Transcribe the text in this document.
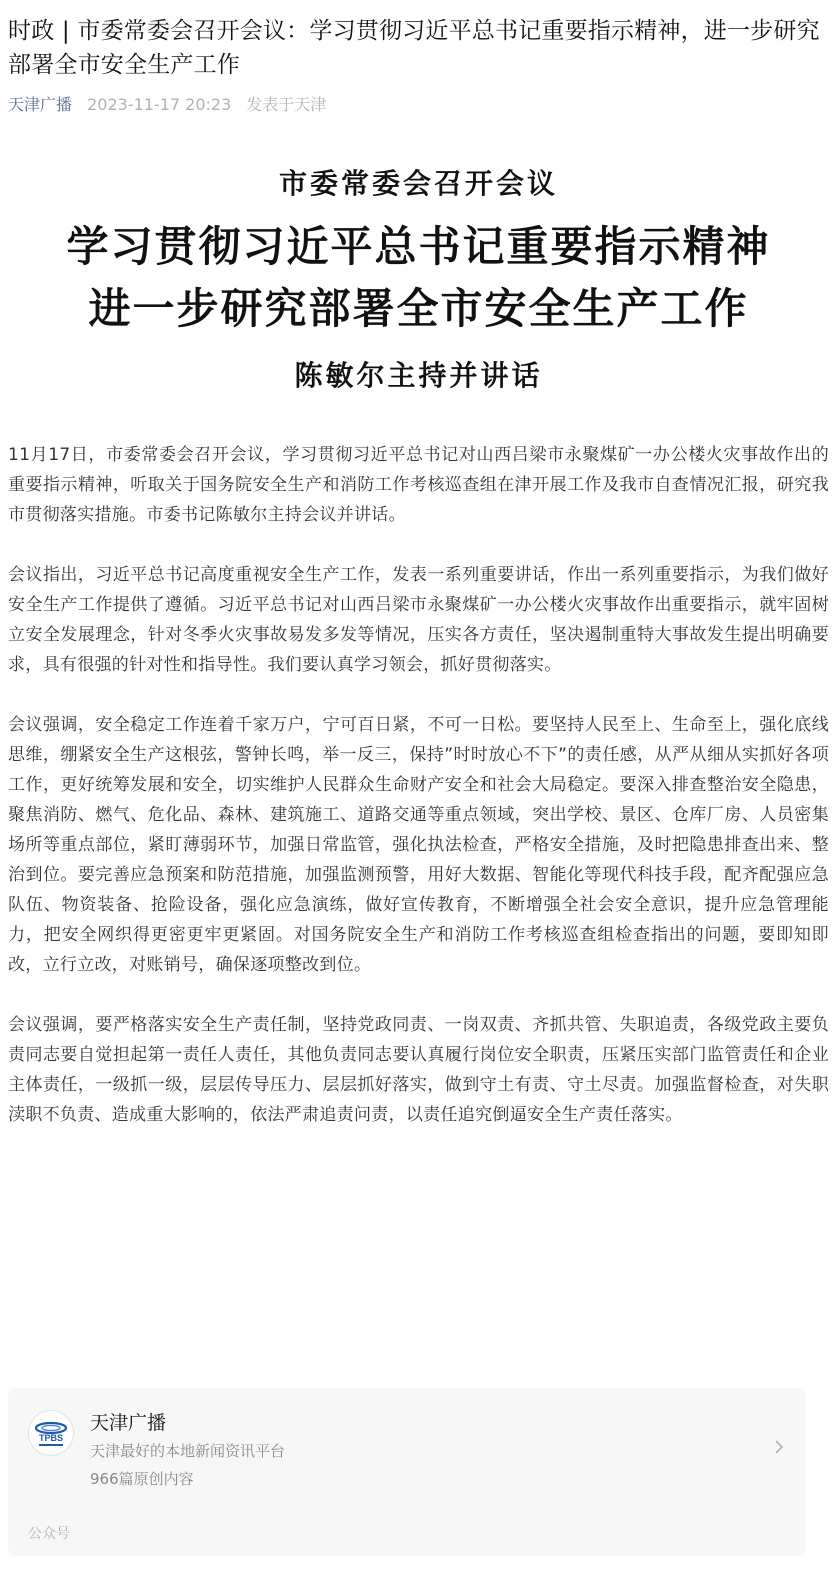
时政 | 市委常委会召开会议：学习贯彻习近平总书记重要指示精神，进一步研究部署全市安全生产工作
天津广播 2023-11-17 20:23 发表于天津
市委常委会召开会议
学习贯彻习近平总书记重要指示精神
进一步研究部署全市安全生产工作
陈敏尔主持并讲话

11月17日，市委常委会召开会议，学习贯彻习近平总书记对山西吕梁市永聚煤矿一办公楼火灾事故作出的重要指示精神，听取关于国务院安全生产和消防工作考核巡查组在津开展工作及我市自查情况汇报，研究我市贯彻落实措施。市委书记陈敏尔主持会议并讲话。

会议指出，习近平总书记高度重视安全生产工作，发表一系列重要讲话，作出一系列重要指示，为我们做好安全生产工作提供了遵循。习近平总书记对山西吕梁市永聚煤矿一办公楼火灾事故作出重要指示，就牢固树立安全发展理念，针对冬季火灾事故易发多发等情况，压实各方责任，坚决遏制重特大事故发生提出明确要求，具有很强的针对性和指导性。我们要认真学习领会，抓好贯彻落实。

会议强调，安全稳定工作连着千家万户，宁可百日紧，不可一日松。要坚持人民至上、生命至上，强化底线思维，绷紧安全生产这根弦，警钟长鸣，举一反三，保持”时时放心不下”的责任感，从严从细从实抓好各项工作，更好统筹发展和安全，切实维护人民群众生命财产安全和社会大局稳定。要深入排查整治安全隐患，聚焦消防、燃气、危化品、森林、建筑施工、道路交通等重点领域，突出学校、景区、仓库厂房、人员密集场所等重点部位，紧盯薄弱环节，加强日常监管，强化执法检查，严格安全措施，及时把隐患排查出来、整治到位。要完善应急预案和防范措施，加强监测预警，用好大数据、智能化等现代科技手段，配齐配强应急队伍、物资装备、抢险设备，强化应急演练，做好宣传教育，不断增强全社会安全意识，提升应急管理能力，把安全网织得更密更牢更紧固。对国务院安全生产和消防工作考核巡查组检查指出的问题，要即知即改，立行立改，对账销号，确保逐项整改到位。

会议强调，要严格落实安全生产责任制，坚持党政同责、一岗双责、齐抓共管、失职追责，各级党政主要负责同志要自觉担起第一责任人责任，其他负责同志要认真履行岗位安全职责，压紧压实部门监管责任和企业主体责任，一级抓一级，层层传导压力、层层抓好落实，做到守土有责、守土尽责。加强监督检查，对失职渎职不负责、造成重大影响的，依法严肃追责问责，以责任追究倒逼安全生产责任落实。

TPBS
天津广播
天津最好的本地新闻资讯平台
966篇原创内容
公众号
